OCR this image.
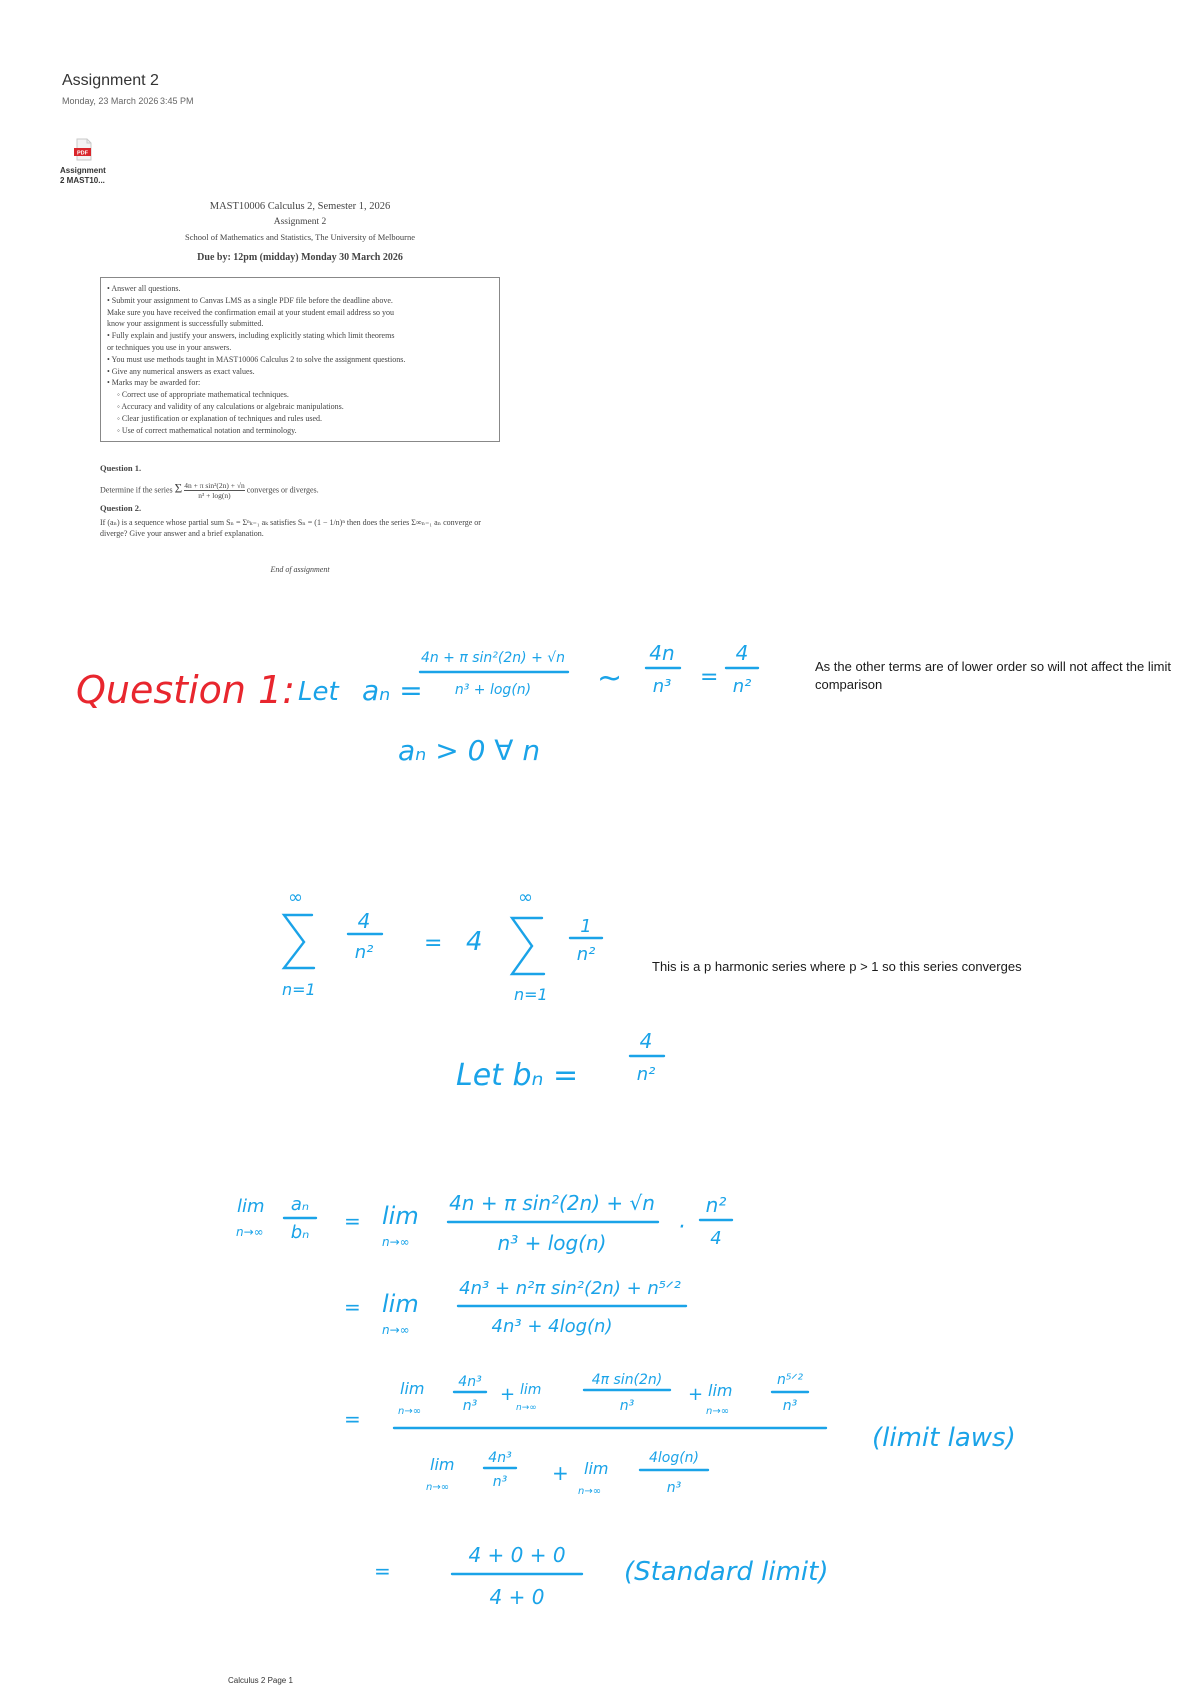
Assignment 2
Monday, 23 March 2026 3:45 PM
PDF
Assignment
2 MAST10...
MAST10006 Calculus 2, Semester 1, 2026
Assignment 2
School of Mathematics and Statistics, The University of Melbourne
Due by: 12pm (midday) Monday 30 March 2026
• Answer all questions.
• Submit your assignment to Canvas LMS as a single PDF file before the deadline above.
Make sure you have received the confirmation email at your student email address so you
know your assignment is successfully submitted.
• Fully explain and justify your answers, including explicitly stating which limit theorems
or techniques you use in your answers.
• You must use methods taught in MAST10006 Calculus 2 to solve the assignment questions.
• Give any numerical answers as exact values.
• Marks may be awarded for:
◦ Correct use of appropriate mathematical techniques.
◦ Accuracy and validity of any calculations or algebraic manipulations.
◦ Clear justification or explanation of techniques and rules used.
◦ Use of correct mathematical notation and terminology.
Question 1.
Determine if the series Σ $\frac{\text{4n + π sin²(2n) + √n}}{\text{n³ + log(n)}}$ converges or diverges.
Question 2.
If (aₙ) is a sequence whose partial sum Sₙ = Σⁿₖ₌₁ aₖ satisfies Sₙ = (1 − 1/n)ⁿ then does the series Σ∞ₙ₌₁ aₙ converge or diverge? Give your answer and a brief explanation.
End of assignment
As the other terms are of lower order so will not affect the limit comparison
This is a p harmonic series where p > 1 so this series converges
Question 1: Let aₙ =
4n + π sin²(2n) + √n
n³ + log(n) ~
4n
n³ =
4
n²
aₙ > 0 ∀ n
∞
n=1
4
n² = 4
∞
n=1
1
n²
Let bₙ =
4
n²
lim
n→∞
aₙ
bₙ = lim
n→∞
4n + π sin²(2n) + √n
n³ + log(n)
·
n²
4
= lim
n→∞
4n³ + n²π sin²(2n) + n⁵ᐟ²
4n³ + 4log(n)
=
lim
n→∞
4n³
n³
+ lim
n→∞
4π sin(2n)
n³
+ lim
n→∞
n⁵ᐟ²
n³
lim
n→∞
4n³
n³ + lim
n→∞
4log(n)
n³
(limit laws)
=
4 + 0 + 0
4 + 0
(Standard limit)
Calculus 2 Page 1
